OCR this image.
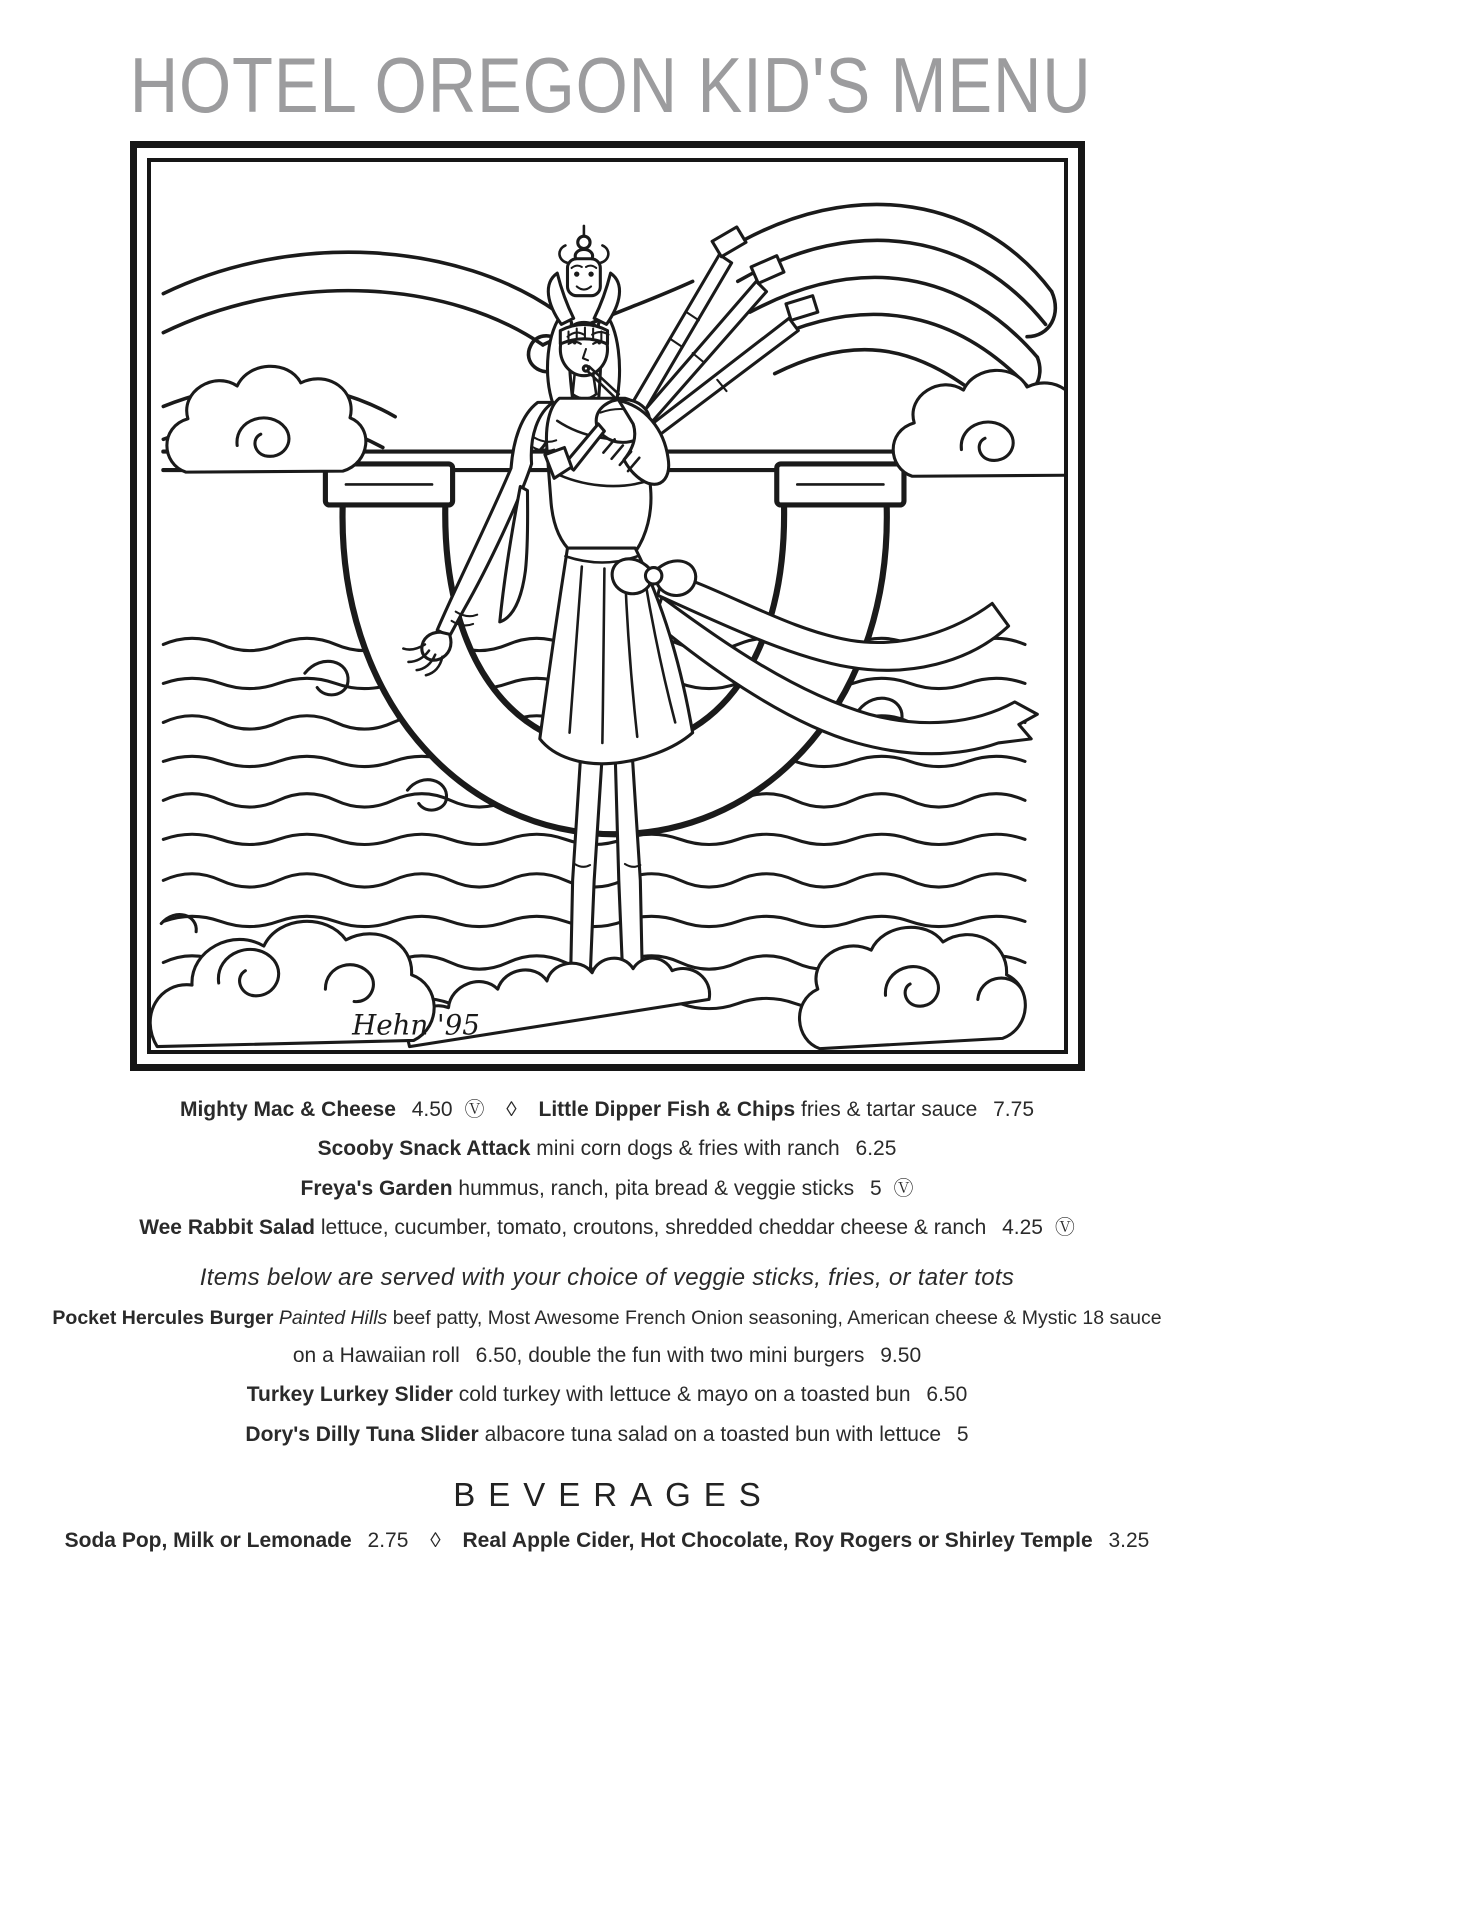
HOTEL OREGON KID'S MENU
Hehn '95

Mighty Mac & Cheese 4.50 Ⓥ ◊ Little Dipper Fish & Chips fries & tartar sauce 7.75

Scooby Snack Attack mini corn dogs & fries with ranch 6.25

Freya's Garden hummus, ranch, pita bread & veggie sticks 5 Ⓥ

Wee Rabbit Salad lettuce, cucumber, tomato, croutons, shredded cheddar cheese & ranch 4.25 Ⓥ

Items below are served with your choice of veggie sticks, fries, or tater tots

Pocket Hercules Burger Painted Hills beef patty, Most Awesome French Onion seasoning, American cheese & Mystic 18 sauce

on a Hawaiian roll 6.50, double the fun with two mini burgers 9.50

Turkey Lurkey Slider cold turkey with lettuce & mayo on a toasted bun 6.50

Dory's Dilly Tuna Slider albacore tuna salad on a toasted bun with lettuce 5

BEVERAGES

Soda Pop, Milk or Lemonade 2.75 ◊ Real Apple Cider, Hot Chocolate, Roy Rogers or Shirley Temple 3.25
